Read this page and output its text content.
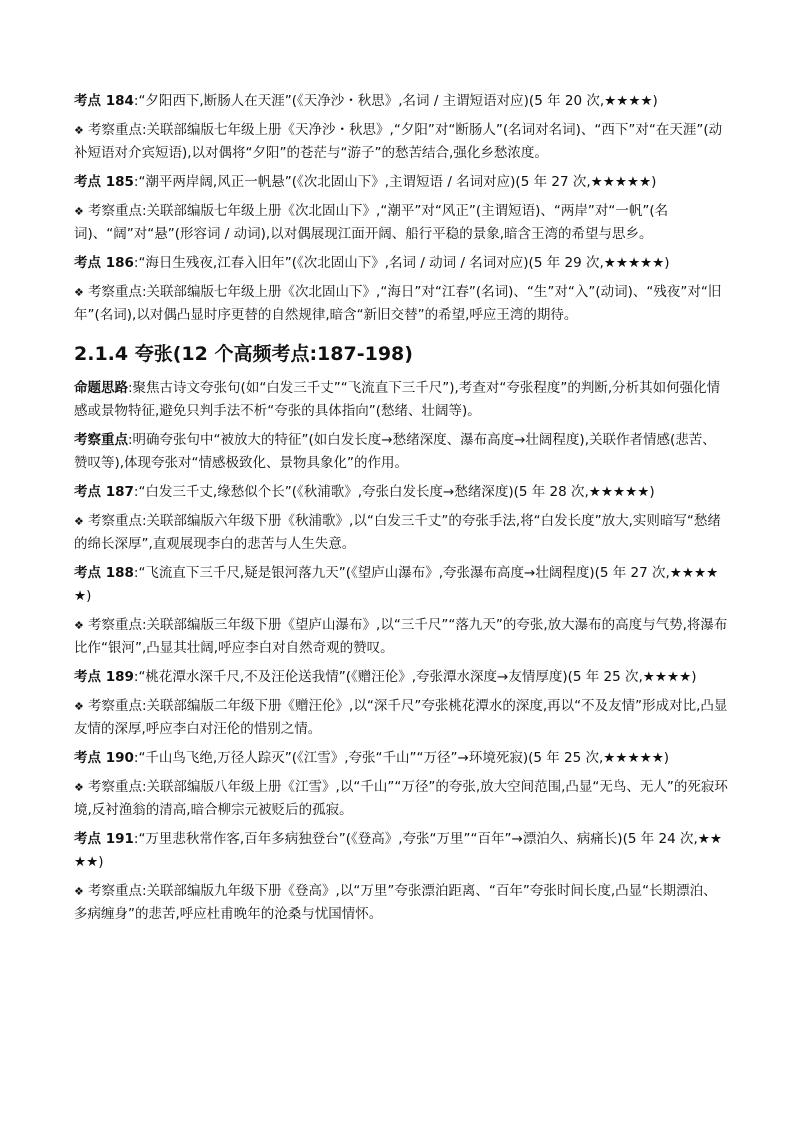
考点 184:“夕阳西下,断肠人在天涯”(《天净沙・秋思》,名词 / 主谓短语对应)(5 年 20 次,★★★★)

❖ 考察重点:关联部编版七年级上册《天净沙・秋思》,“夕阳”对“断肠人”(名词对名词)、“西下”对“在天涯”(动补短语对介宾短语),以对偶将“夕阳”的苍茫与“游子”的愁苦结合,强化乡愁浓度。

考点 185:“潮平两岸阔,风正一帆悬”(《次北固山下》,主谓短语 / 名词对应)(5 年 27 次,★★★★★)

❖ 考察重点:关联部编版七年级上册《次北固山下》,“潮平”对“风正”(主谓短语)、“两岸”对“一帆”(名词)、“阔”对“悬”(形容词 / 动词),以对偶展现江面开阔、船行平稳的景象,暗含王湾的希望与思乡。

考点 186:“海日生残夜,江春入旧年”(《次北固山下》,名词 / 动词 / 名词对应)(5 年 29 次,★★★★★)

❖ 考察重点:关联部编版七年级上册《次北固山下》,“海日”对“江春”(名词)、“生”对“入”(动词)、“残夜”对“旧年”(名词),以对偶凸显时序更替的自然规律,暗含“新旧交替”的希望,呼应王湾的期待。

2.1.4 夸张(12 个高频考点:187-198)

命题思路:聚焦古诗文夸张句(如“白发三千丈”“飞流直下三千尺”),考查对“夸张程度”的判断,分析其如何强化情感或景物特征,避免只判手法不析“夸张的具体指向”(愁绪、壮阔等)。

考察重点:明确夸张句中“被放大的特征”(如白发长度→愁绪深度、瀑布高度→壮阔程度),关联作者情感(悲苦、赞叹等),体现夸张对“情感极致化、景物具象化”的作用。

考点 187:“白发三千丈,缘愁似个长”(《秋浦歌》,夸张白发长度→愁绪深度)(5 年 28 次,★★★★★)

❖ 考察重点:关联部编版六年级下册《秋浦歌》,以“白发三千丈”的夸张手法,将“白发长度”放大,实则暗写“愁绪的绵长深厚”,直观展现李白的悲苦与人生失意。

考点 188:“飞流直下三千尺,疑是银河落九天”(《望庐山瀑布》,夸张瀑布高度→壮阔程度)(5 年 27 次,★★★★★)

❖ 考察重点:关联部编版三年级下册《望庐山瀑布》,以“三千尺”“落九天”的夸张,放大瀑布的高度与气势,将瀑布比作“银河”,凸显其壮阔,呼应李白对自然奇观的赞叹。

考点 189:“桃花潭水深千尺,不及汪伦送我情”(《赠汪伦》,夸张潭水深度→友情厚度)(5 年 25 次,★★★★)

❖ 考察重点:关联部编版二年级下册《赠汪伦》,以“深千尺”夸张桃花潭水的深度,再以“不及友情”形成对比,凸显友情的深厚,呼应李白对汪伦的惜别之情。

考点 190:“千山鸟飞绝,万径人踪灭”(《江雪》,夸张“千山”“万径”→环境死寂)(5 年 25 次,★★★★★)

❖ 考察重点:关联部编版八年级上册《江雪》,以“千山”“万径”的夸张,放大空间范围,凸显“无鸟、无人”的死寂环境,反衬渔翁的清高,暗合柳宗元被贬后的孤寂。

考点 191:“万里悲秋常作客,百年多病独登台”(《登高》,夸张“万里”“百年”→漂泊久、病痛长)(5 年 24 次,★★★★)

❖ 考察重点:关联部编版九年级下册《登高》,以“万里”夸张漂泊距离、“百年”夸张时间长度,凸显“长期漂泊、多病缠身”的悲苦,呼应杜甫晚年的沧桑与忧国情怀。
